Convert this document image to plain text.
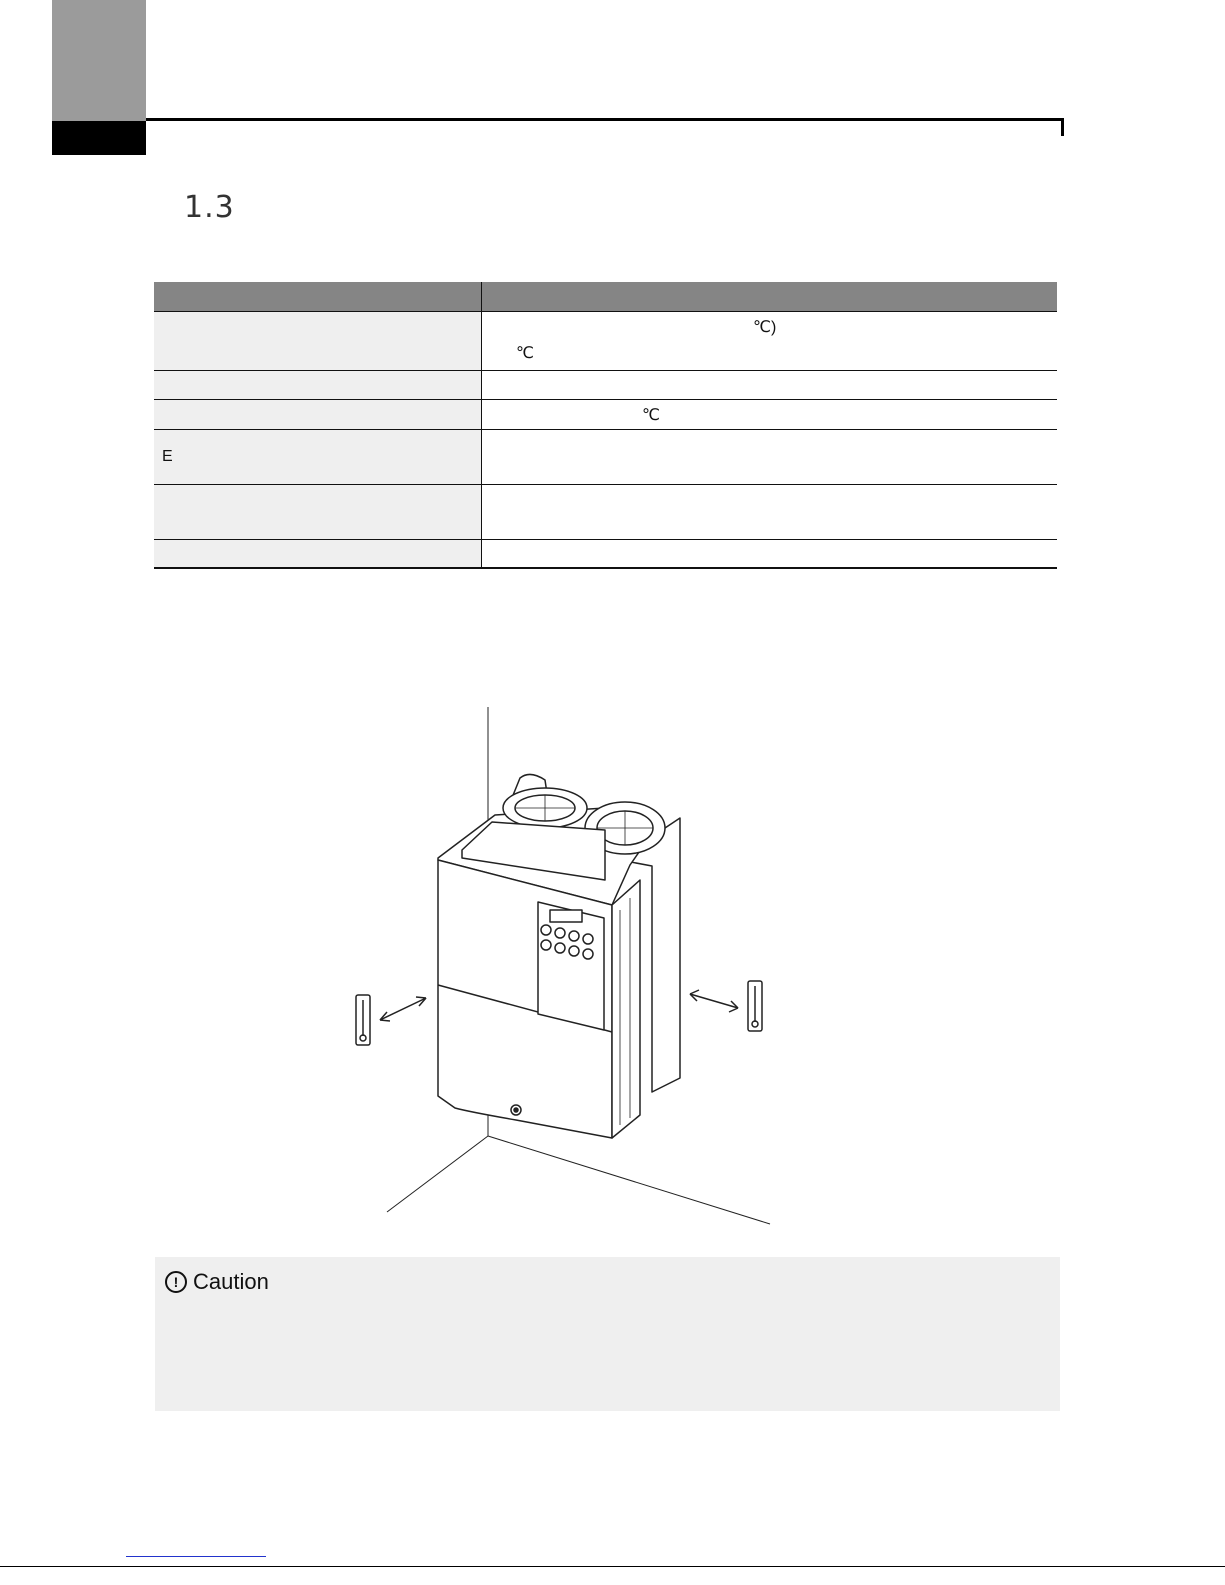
1.3

	℃)
℃

	℃
E	

! Caution
